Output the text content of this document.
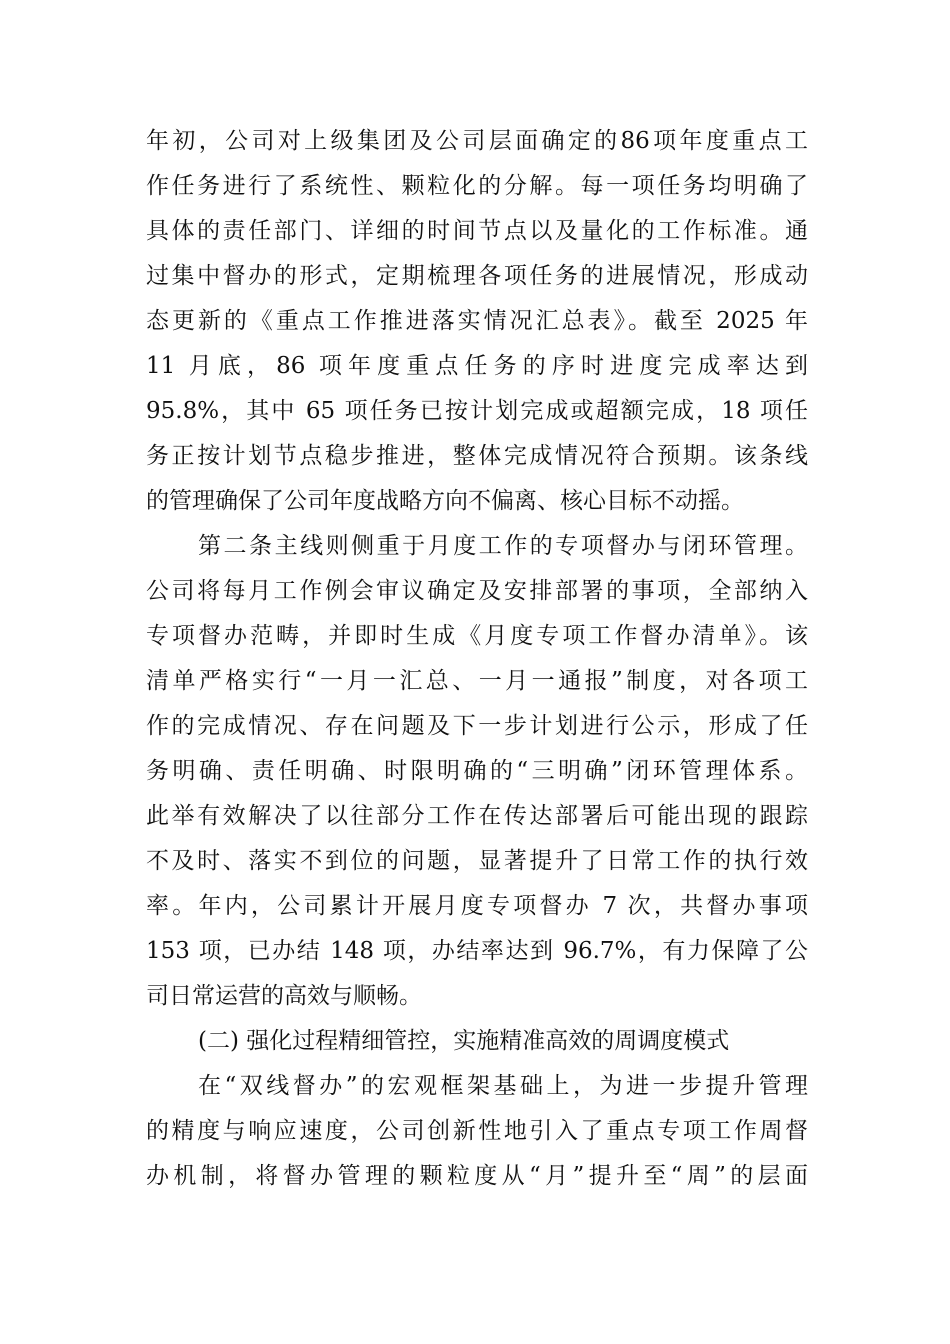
年初，公司对上级集团及公司层面确定的86项年度重点工
作任务进行了系统性、颗粒化的分解。每一项任务均明确了
具体的责任部门、详细的时间节点以及量化的工作标准。通
过集中督办的形式，定期梳理各项任务的进展情况，形成动
态更新的《重点工作推进落实情况汇总表》。截至 2025 年
11 月底，86 项年度重点任务的序时进度完成率达到
95.8%，其中 65 项任务已按计划完成或超额完成，18 项任
务正按计划节点稳步推进，整体完成情况符合预期。该条线
的管理确保了公司年度战略方向不偏离、核心目标不动摇。
第二条主线则侧重于月度工作的专项督办与闭环管理。
公司将每月工作例会审议确定及安排部署的事项，全部纳入
专项督办范畴，并即时生成《月度专项工作督办清单》。该
清单严格实行“一月一汇总、一月一通报”制度，对各项工
作的完成情况、存在问题及下一步计划进行公示，形成了任
务明确、责任明确、时限明确的“三明确”闭环管理体系。
此举有效解决了以往部分工作在传达部署后可能出现的跟踪
不及时、落实不到位的问题，显著提升了日常工作的执行效
率。年内，公司累计开展月度专项督办 7 次，共督办事项
153 项，已办结 148 项，办结率达到 96.7%，有力保障了公
司日常运营的高效与顺畅。
(二) 强化过程精细管控，实施精准高效的周调度模式
在“双线督办”的宏观框架基础上，为进一步提升管理
的精度与响应速度，公司创新性地引入了重点专项工作周督
办机制，将督办管理的颗粒度从“月”提升至“周”的层面
